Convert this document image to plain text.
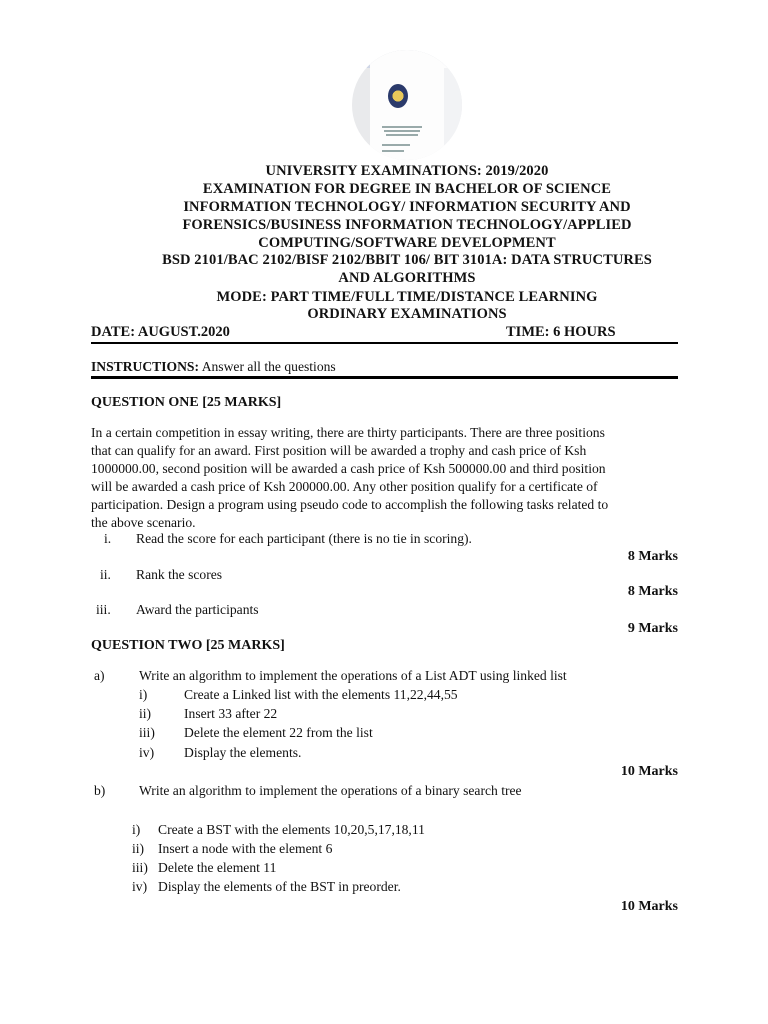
UNIVERSITY EXAMINATIONS: 2019/2020
EXAMINATION FOR DEGREE IN BACHELOR OF SCIENCE
INFORMATION TECHNOLOGY/ INFORMATION SECURITY AND
FORENSICS/BUSINESS INFORMATION TECHNOLOGY/APPLIED
COMPUTING/SOFTWARE DEVELOPMENT
BSD 2101/BAC 2102/BISF 2102/BBIT 106/ BIT 3101A: DATA STRUCTURES
AND ALGORITHMS
MODE: PART TIME/FULL TIME/DISTANCE LEARNING
ORDINARY EXAMINATIONS
DATE: AUGUST.2020	TIME: 6 HOURS
INSTRUCTIONS: Answer all the questions
QUESTION ONE [25 MARKS]
In a certain competition in essay writing, there are thirty participants. There are three positions
that can qualify for an award. First position will be awarded a trophy and cash price of Ksh
1000000.00, second position will be awarded a cash price of Ksh 500000.00 and third position
will be awarded a cash price of Ksh 200000.00. Any other position qualify for a certificate of
participation. Design a program using pseudo code to accomplish the following tasks related to
the above scenario.
i. Read the score for each participant (there is no tie in scoring).
8 Marks
ii. Rank the scores
8 Marks
iii. Award the participants
9 Marks
QUESTION TWO [25 MARKS]
a)	Write an algorithm to implement the operations of a List ADT using linked list
i)	Create a Linked list with the elements 11,22,44,55
ii) Insert 33 after 22
iii) Delete the element 22 from the list
iv) Display the elements.
10 Marks
b) Write an algorithm to implement the operations of a binary search tree
i) Create a BST with the elements 10,20,5,17,18,11
ii) Insert a node with the element 6
iii) Delete the element 11
iv) Display the elements of the BST in preorder.
10 Marks
